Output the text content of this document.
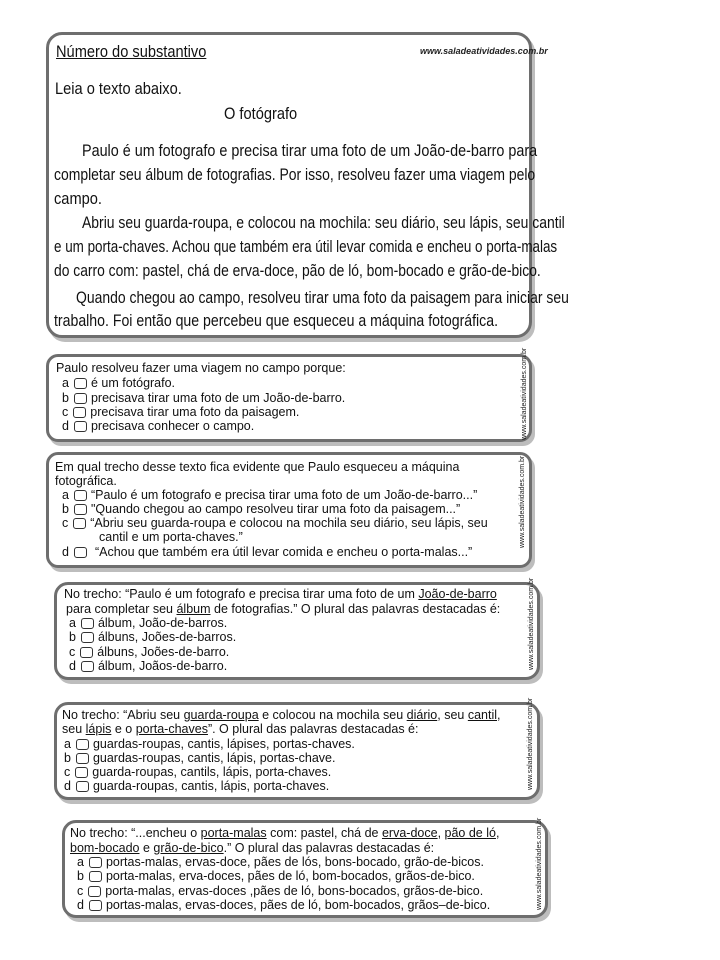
Número do substantivo	www.saladeatividades.com.br
Leia o texto abaixo.
O fotógrafo
Paulo é um fotografo e precisa tirar uma foto de um João-de-barro para
completar seu álbum de fotografias. Por isso, resolveu fazer uma viagem pelo
campo.
Abriu seu guarda-roupa, e colocou na mochila: seu diário, seu lápis, seu cantil
e um porta-chaves. Achou que também era útil levar comida e encheu o porta-malas
do carro com: pastel, chá de erva-doce, pão de ló, bom-bocado e grão-de-bico.
Quando chegou ao campo, resolveu tirar uma foto da paisagem para iniciar seu
trabalho. Foi então que percebeu que esqueceu a máquina fotográfica.
Paulo resolveu fazer uma viagem no campo porque:
a é um fotógrafo.
b precisava tirar uma foto de um João-de-barro.
c precisava tirar uma foto da paisagem.
d precisava conhecer o campo.	www.saladeatividades.com.br
Em qual trecho desse texto fica evidente que Paulo esqueceu a máquina
fotográfica.
a “Paulo é um fotografo e precisa tirar uma foto de um João-de-barro...”
b "Quando chegou ao campo resolveu tirar uma foto da paisagem...”
c “Abriu seu guarda-roupa e colocou na mochila seu diário, seu lápis, seu
cantil e um porta-chaves.”
d “Achou que também era útil levar comida e encheu o porta-malas...”
www.saladeatividades.com.br
No trecho: “Paulo é um fotografo e precisa tirar uma foto de um João-de-barro
para completar seu álbum de fotografias.” O plural das palavras destacadas é:
a álbum, João-de-barros.
b álbuns, Joões-de-barros.
c álbuns, Joões-de-barro.
d álbum, Joãos-de-barro.	www.saladeatividades.com.br
No trecho: “Abriu seu guarda-roupa e colocou na mochila seu diário, seu cantil,
seu lápis e o porta-chaves”. O plural das palavras destacadas é:
a guardas-roupas, cantis, lápises, portas-chaves.
b guardas-roupas, cantis, lápis, portas-chave.
c guarda-roupas, cantils, lápis, porta-chaves.
d guarda-roupas, cantis, lápis, porta-chaves.	www.saladeatividades.com.br
No trecho: “...encheu o porta-malas com: pastel, chá de erva-doce, pão de ló,
bom-bocado e grão-de-bico.” O plural das palavras destacadas é:
a portas-malas, ervas-doce, pães de lós, bons-bocado, grão-de-bicos.
b porta-malas, erva-doces, pães de ló, bom-bocados, grãos-de-bico.
c porta-malas, ervas-doces ,pães de ló, bons-bocados, grãos-de-bico.
d portas-malas, ervas-doces, pães de ló, bom-bocados, grãos–de-bico.	www.saladeatividades.com.br
